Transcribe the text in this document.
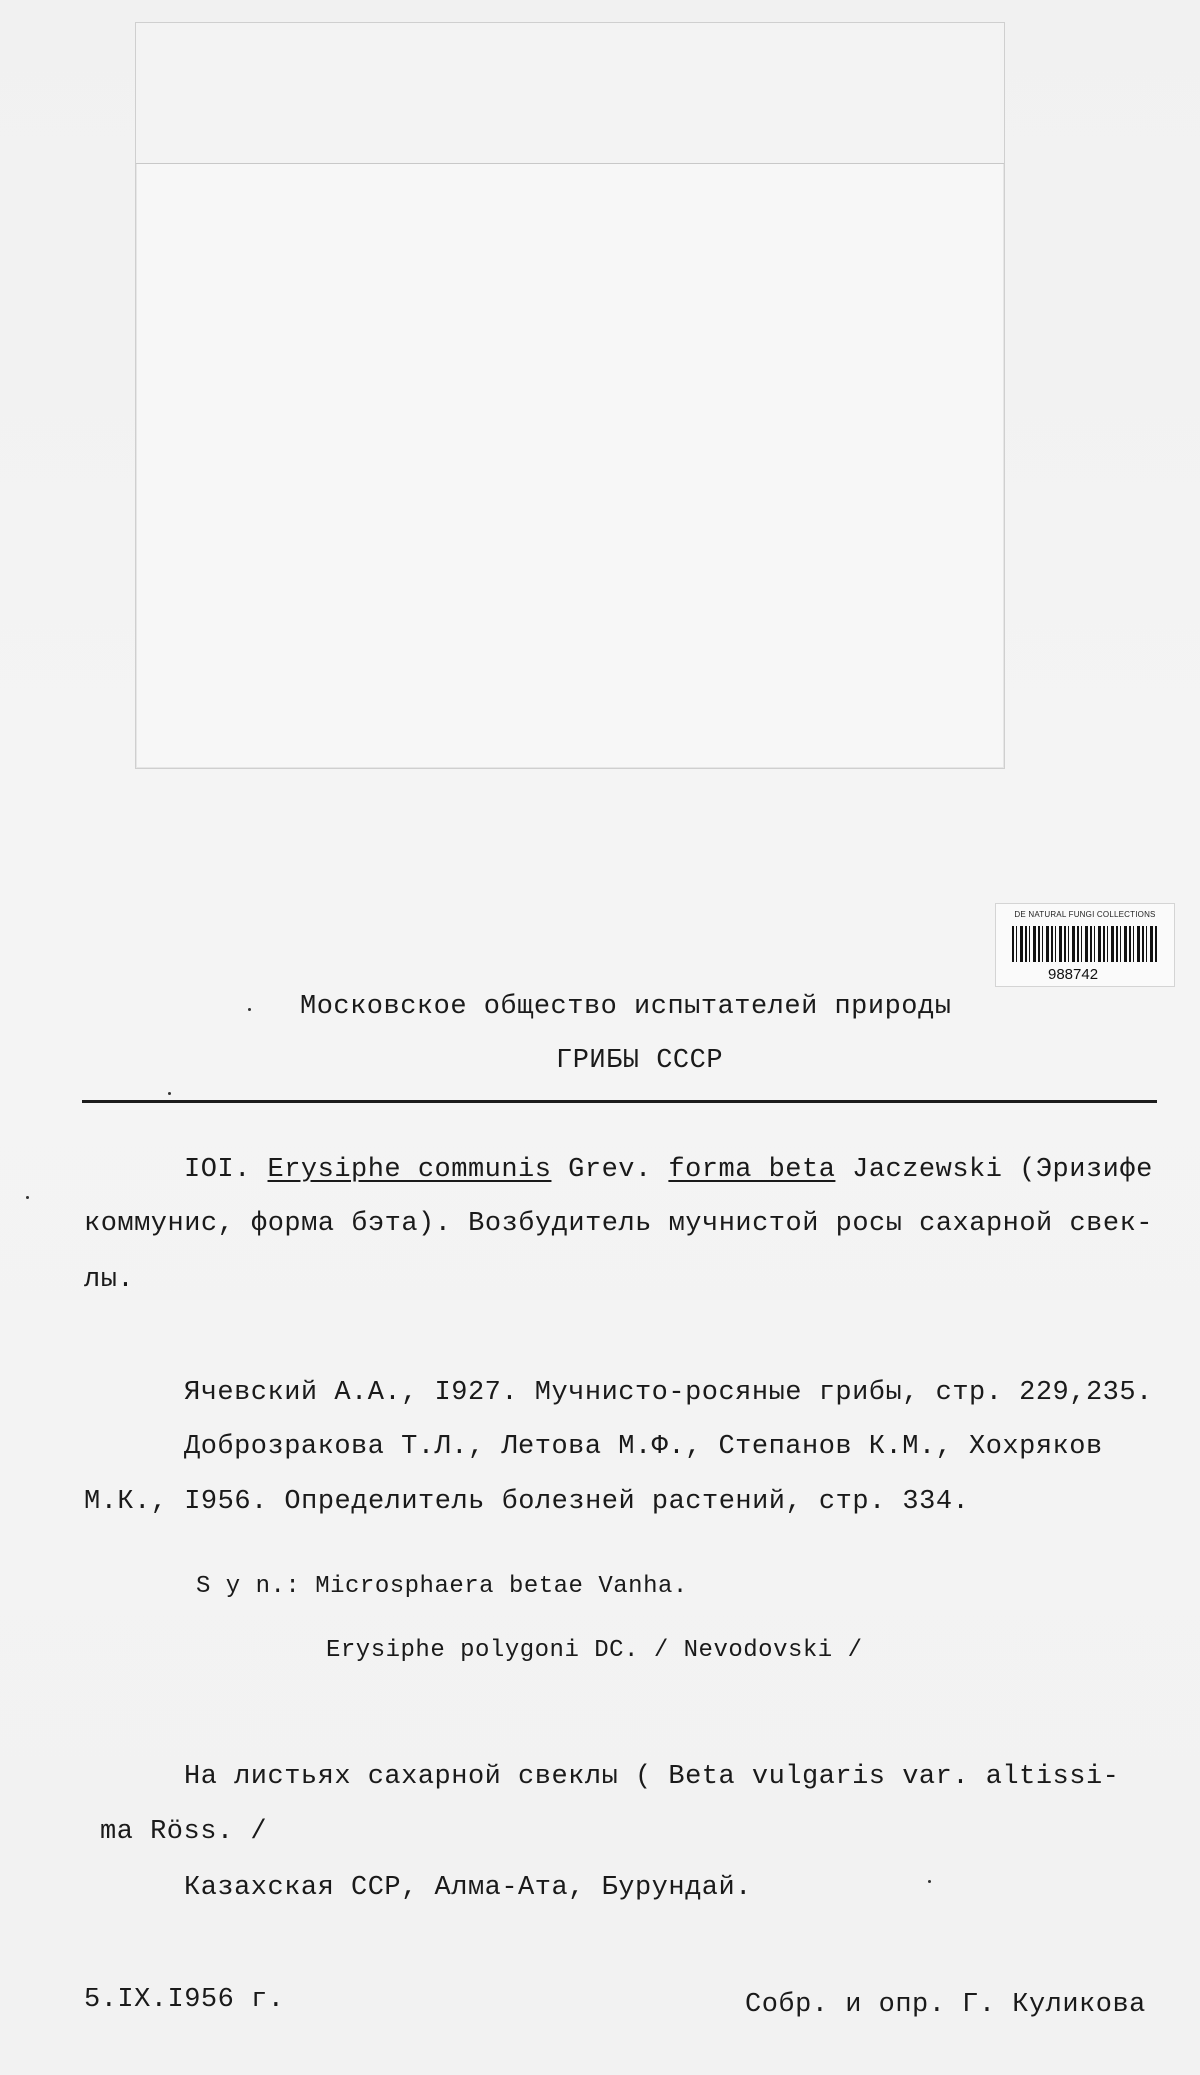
DE NATURAL FUNGI COLLECTIONS
988742
Московское общество испытателей природы
ГРИБЫ СССР
IOI. Erysiphe communis Grev. forma beta Jaczewski (Эризифе
коммунис, форма бэта). Возбудитель мучнистой росы сахарной свек-
лы.
Ячевский А.А., I927. Мучнисто-росяные грибы, стр. 229,235.
Доброзракова Т.Л., Летова М.Ф., Степанов К.М., Хохряков
М.К., I956. Определитель болезней растений, стр. 334.
S y n.: Microsphaera betae Vanha.
Erysiphe polygoni DC. / Nevodovski /
На листьях сахарной свеклы ( Beta vulgaris var. altissi-
ma Röss. /
Казахская ССР, Алма-Ата, Бурундай.
5.IX.I956 г.	Собр. и опр. Г. Куликова
